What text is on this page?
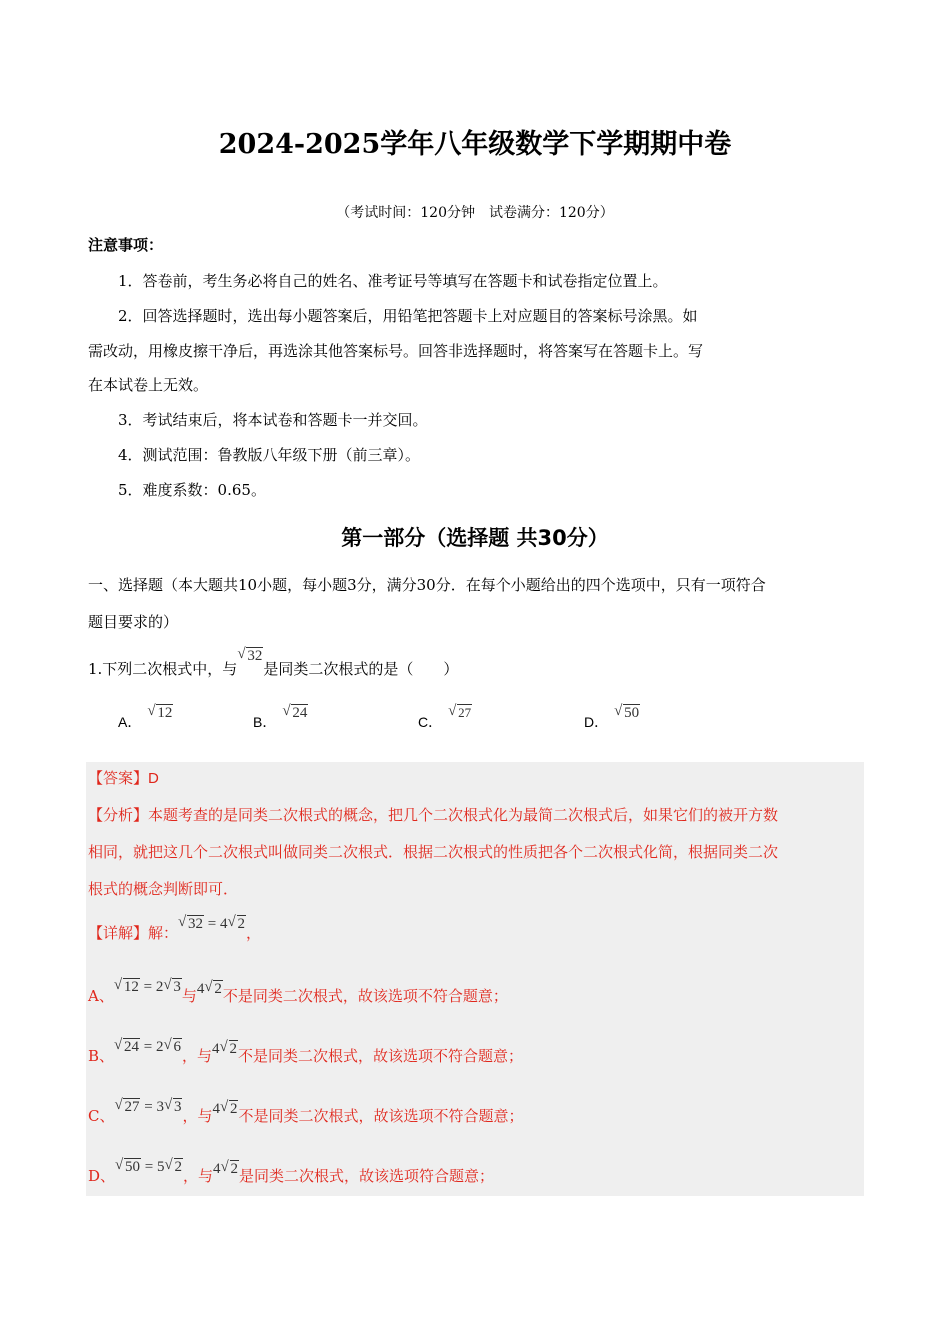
2024-2025学年八年级数学下学期期中卷
（考试时间：120分钟　试卷满分：120分）
注意事项：
1．答卷前，考生务必将自己的姓名、准考证号等填写在答题卡和试卷指定位置上。
2．回答选择题时，选出每小题答案后，用铅笔把答题卡上对应题目的答案标号涂黑。如
需改动，用橡皮擦干净后，再选涂其他答案标号。回答非选择题时，将答案写在答题卡上。写
在本试卷上无效。
3．考试结束后，将本试卷和答题卡一并交回。
4．测试范围：鲁教版八年级下册（前三章）。
5．难度系数：0.65。
第一部分（选择题 共30分）
一、选择题（本大题共10小题，每小题3分，满分30分．在每个小题给出的四个选项中，只有一项符合
题目要求的）
1.下列二次根式中，与√ 32是同类二次根式的是（　　）
A．√ 12
B．√ 24
C．√ 27
D．√ 50
【答案】D
【分析】本题考查的是同类二次根式的概念，把几个二次根式化为最简二次根式后，如果它们的被开方数
相同，就把这几个二次根式叫做同类二次根式．根据二次根式的性质把各个二次根式化简，根据同类二次
根式的概念判断即可．
【详解】解： √ 32 = 4 √ 2，
A、 √ 12 = 2 √ 3与4 √ 2不是同类二次根式，故该选项不符合题意；
B、 √ 24 = 2 √ 6，与4 √ 2不是同类二次根式，故该选项不符合题意；
C、 √ 27 = 3 √ 3，与4 √ 2不是同类二次根式，故该选项不符合题意；
D、 √ 50 = 5 √ 2，与4 √ 2是同类二次根式，故该选项符合题意；
